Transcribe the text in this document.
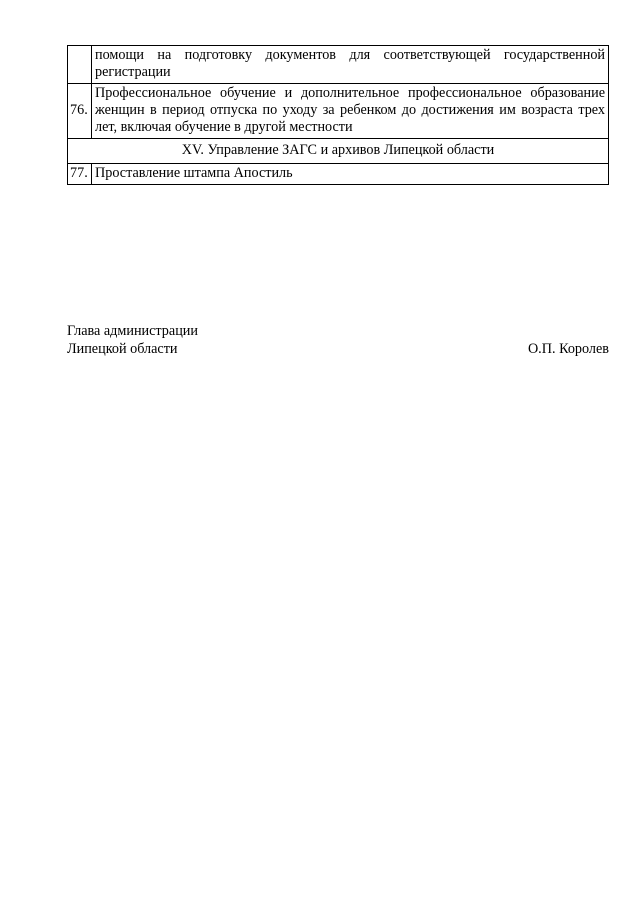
	помощи на подготовку документов для соответствующей государственной регистрации
76.	Профессиональное обучение и дополнительное профессиональное образование женщин в период отпуска по уходу за ребенком до достижения им возраста трех лет, включая обучение в другой местности
XV. Управление ЗАГС и архивов Липецкой области	
77.	Проставление штампа Апостиль
Глава администрации
Липецкой области	О.П. Королев
